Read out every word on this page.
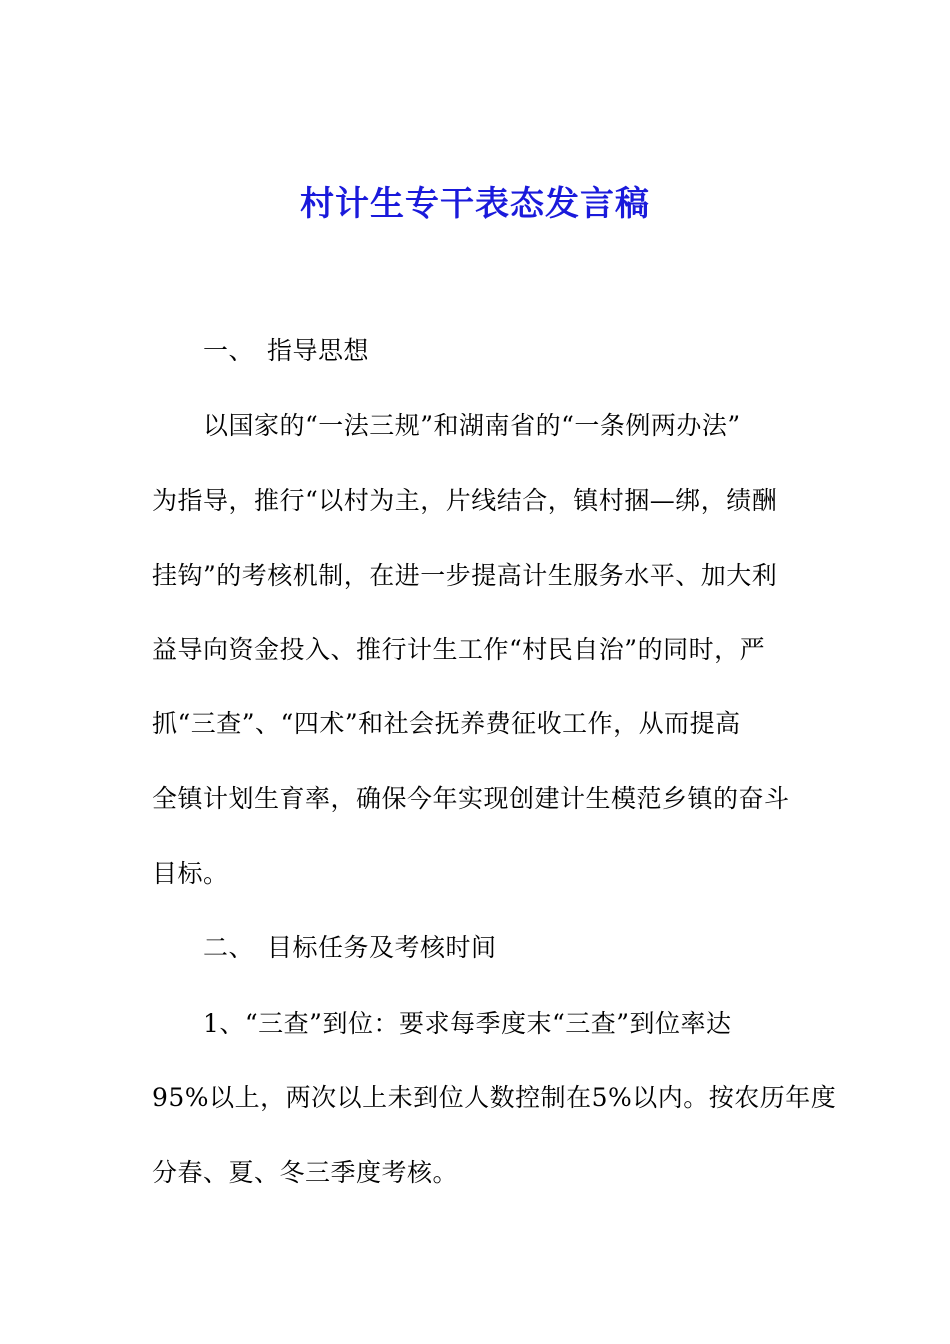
村计生专干表态发言稿
一、 指导思想
以国家的“一法三规”和湖南省的“一条例两办法”
为指导，推行“以村为主，片线结合，镇村捆—绑，绩酬
挂钩”的考核机制，在进一步提高计生服务水平、加大利
益导向资金投入、推行计生工作“村民自治”的同时，严
抓“三查”、“四术”和社会抚养费征收工作，从而提高
全镇计划生育率，确保今年实现创建计生模范乡镇的奋斗
目标。
二、 目标任务及考核时间
1、“三查”到位：要求每季度末“三查”到位率达
95%以上，两次以上未到位人数控制在5%以内。按农历年度
分春、夏、冬三季度考核。
